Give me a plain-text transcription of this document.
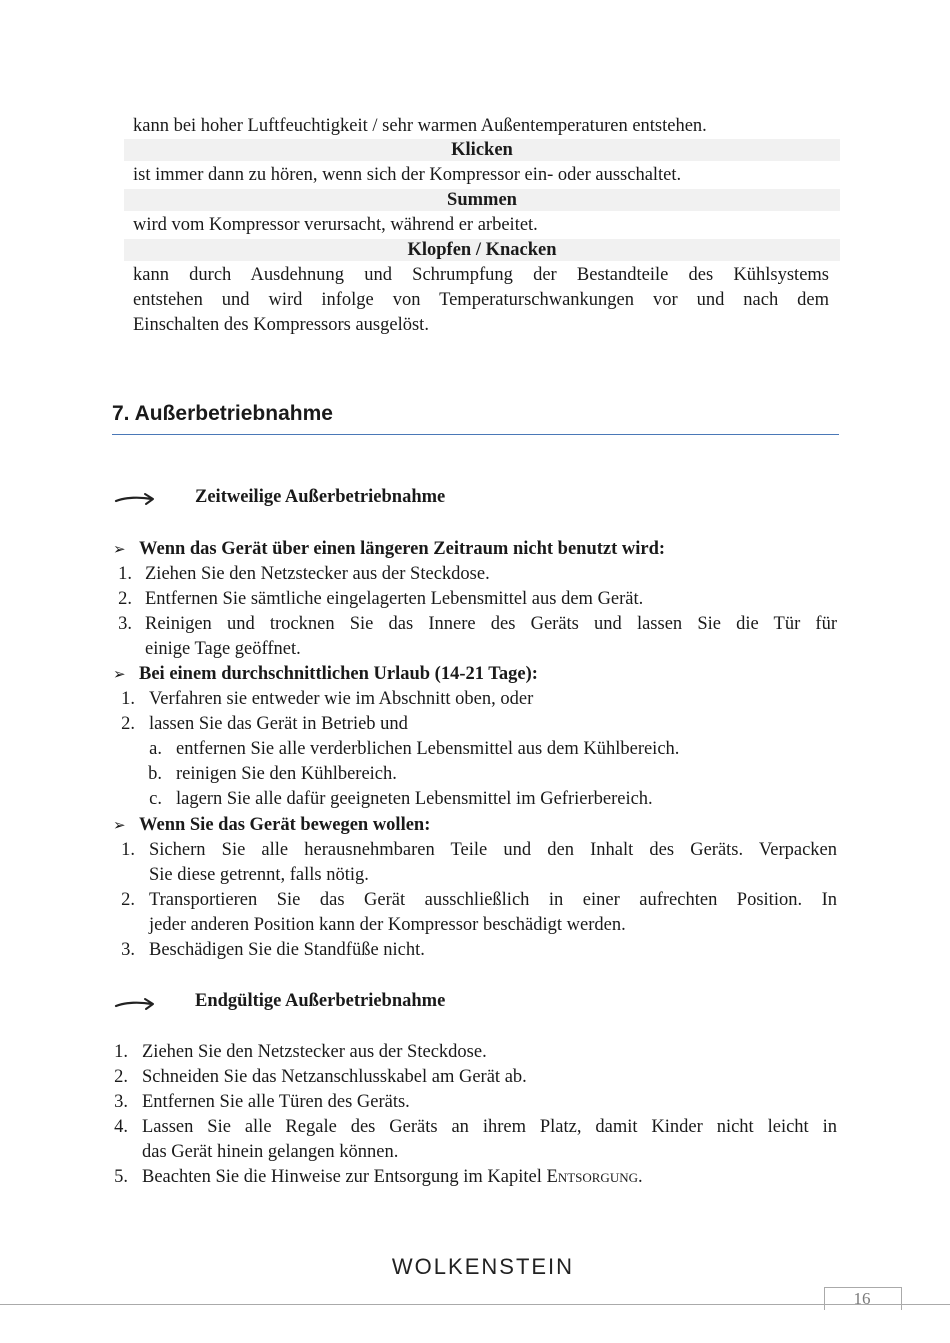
kann bei hoher Luftfeuchtigkeit / sehr warmen Außentemperaturen entstehen.
Klicken
ist immer dann zu hören, wenn sich der Kompressor ein- oder ausschaltet.
Summen
wird vom Kompressor verursacht, während er arbeitet.
Klopfen / Knacken
kann durch Ausdehnung und Schrumpfung der Bestandteile des Kühlsystems
entstehen und wird infolge von Temperaturschwankungen vor und nach dem
Einschalten des Kompressors ausgelöst.
7. Außerbetriebnahme
Zeitweilige Außerbetriebnahme
➢ Wenn das Gerät über einen längeren Zeitraum nicht benutzt wird:
1. Ziehen Sie den Netzstecker aus der Steckdose.
2. Entfernen Sie sämtliche eingelagerten Lebensmittel aus dem Gerät.
3. Reinigen und trocknen Sie das Innere des Geräts und lassen Sie die Tür für
einige Tage geöffnet.
➢ Bei einem durchschnittlichen Urlaub (14-21 Tage):
1. Verfahren sie entweder wie im Abschnitt oben, oder
2. lassen Sie das Gerät in Betrieb und
a. entfernen Sie alle verderblichen Lebensmittel aus dem Kühlbereich.
b. reinigen Sie den Kühlbereich.
c. lagern Sie alle dafür geeigneten Lebensmittel im Gefrierbereich.
➢ Wenn Sie das Gerät bewegen wollen:
1. Sichern Sie alle herausnehmbaren Teile und den Inhalt des Geräts. Verpacken
Sie diese getrennt, falls nötig.
2. Transportieren Sie das Gerät ausschließlich in einer aufrechten Position. In
jeder anderen Position kann der Kompressor beschädigt werden.
3. Beschädigen Sie die Standfüße nicht.
Endgültige Außerbetriebnahme
1. Ziehen Sie den Netzstecker aus der Steckdose.
2. Schneiden Sie das Netzanschlusskabel am Gerät ab.
3. Entfernen Sie alle Türen des Geräts.
4. Lassen Sie alle Regale des Geräts an ihrem Platz, damit Kinder nicht leicht in
das Gerät hinein gelangen können.
5. Beachten Sie die Hinweise zur Entsorgung im Kapitel Entsorgung.
WOLKENSTEIN
16
